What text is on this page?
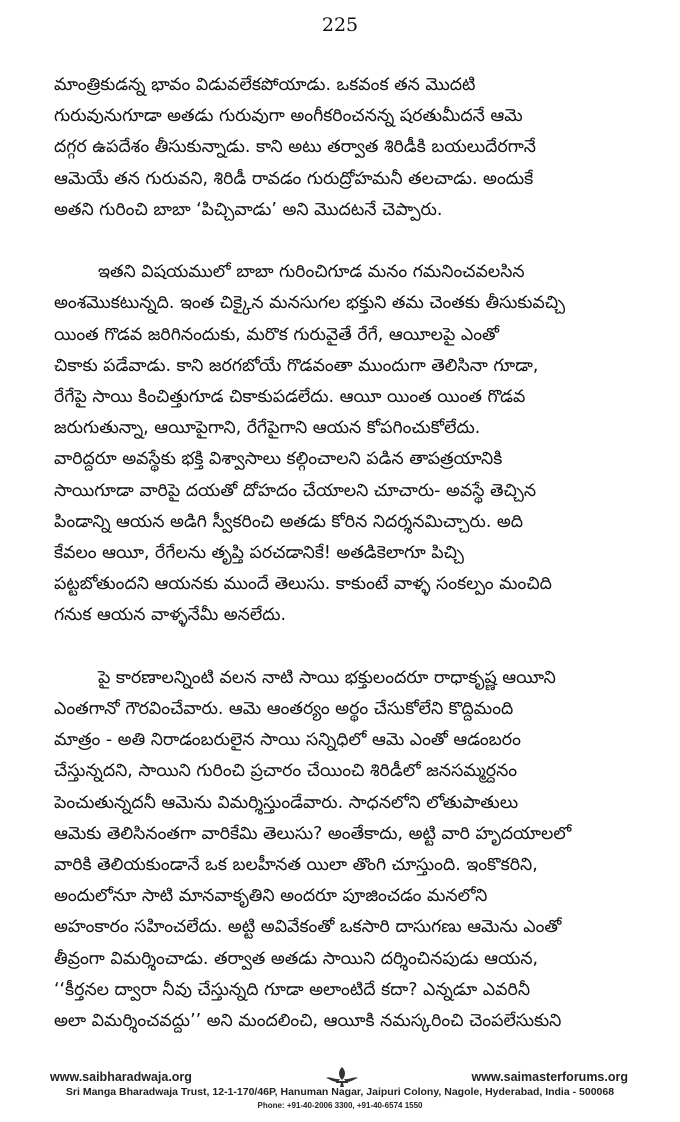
225
మాంత్రికుడన్న భావం విడువలేకపోయాడు. ఒకవంక తన మొదటి
గురువునుగూడా అతడు గురువుగా అంగీకరించనన్న షరతుమీదనే ఆమె
దగ్గర ఉపదేశం తీసుకున్నాడు. కాని అటు తర్వాత శిరిడీకి బయలుదేరగానే
ఆమెయే తన గురువని, శిరిడీ రావడం గురుద్రోహమనీ తలచాడు. అందుకే
అతని గురించి బాబా ‘పిచ్చివాడు’ అని మొదటనే చెప్పారు.
ఇతని విషయములో బాబా గురించిగూడ మనం గమనించవలసిన
అంశమొకటున్నది. ఇంత చిక్కైన మనసుగల భక్తుని తమ చెంతకు తీసుకువచ్చి
యింత గొడవ జరిగినందుకు, మరొక గురువైతే రేగే, ఆయీలపై ఎంతో
చికాకు పడేవాడు. కాని జరగబోయే గొడవంతా ముందుగా తెలిసినా గూడా,
రేగేపై సాయి కించిత్తుగూడ చికాకుపడలేదు. ఆయీ యింత యింత గొడవ
జరుగుతున్నా, ఆయీపైగాని, రేగేపైగాని ఆయన కోపగించుకోలేదు.
వారిద్దరూ అవస్థేకు భక్తి విశ్వాసాలు కల్గించాలని పడిన తాపత్రయానికి
సాయిగూడా వారిపై దయతో దోహదం చేయాలని చూచారు- అవస్థే తెచ్చిన
పిండాన్ని ఆయన అడిగి స్వీకరించి అతడు కోరిన నిదర్శనమిచ్చారు. అది
కేవలం ఆయీ, రేగేలను తృప్తి పరచడానికే! అతడికెలాగూ పిచ్చి
పట్టబోతుందని ఆయనకు ముందే తెలుసు. కాకుంటే వాళ్ళ సంకల్పం మంచిది
గనుక ఆయన వాళ్ళనేమీ అనలేదు.
పై కారణాలన్నింటి వలన నాటి సాయి భక్తులందరూ రాధాకృష్ణ ఆయీని
ఎంతగానో గౌరవించేవారు. ఆమె ఆంతర్యం అర్థం చేసుకోలేని కొద్దిమంది
మాత్రం - అతి నిరాడంబరులైన సాయి సన్నిధిలో ఆమె ఎంతో ఆడంబరం
చేస్తున్నదని, సాయిని గురించి ప్రచారం చేయించి శిరిడీలో జనసమ్మర్దనం
పెంచుతున్నదనీ ఆమెను విమర్శిస్తుండేవారు. సాధనలోని లోతుపాతులు
ఆమెకు తెలిసినంతగా వారికేమి తెలుసు? అంతేకాదు, అట్టి వారి హృదయాలలో
వారికి తెలియకుండానే ఒక బలహీనత యిలా తొంగి చూస్తుంది. ఇంకొకరిని,
అందులోనూ సాటి మానవాకృతిని అందరూ పూజించడం మనలోని
అహంకారం సహించలేదు. అట్టి అవివేకంతో ఒకసారి దాసుగణు ఆమెను ఎంతో
తీవ్రంగా విమర్శించాడు. తర్వాత అతడు సాయిని దర్శించినపుడు ఆయన,
‘‘కీర్తనల ద్వారా నీవు చేస్తున్నది గూడా అలాంటిదే కదా? ఎన్నడూ ఎవరినీ
అలా విమర్శించవద్దు’’ అని మందలించి, ఆయీకి నమస్కరించి చెంపలేసుకుని
www.saibharadwaja.org	www.saimasterforums.org
Sri Manga Bharadwaja Trust, 12-1-170/46P, Hanuman Nagar, Jaipuri Colony, Nagole, Hyderabad, India - 500068
Phone: +91-40-2006 3300, +91-40-6574 1550
